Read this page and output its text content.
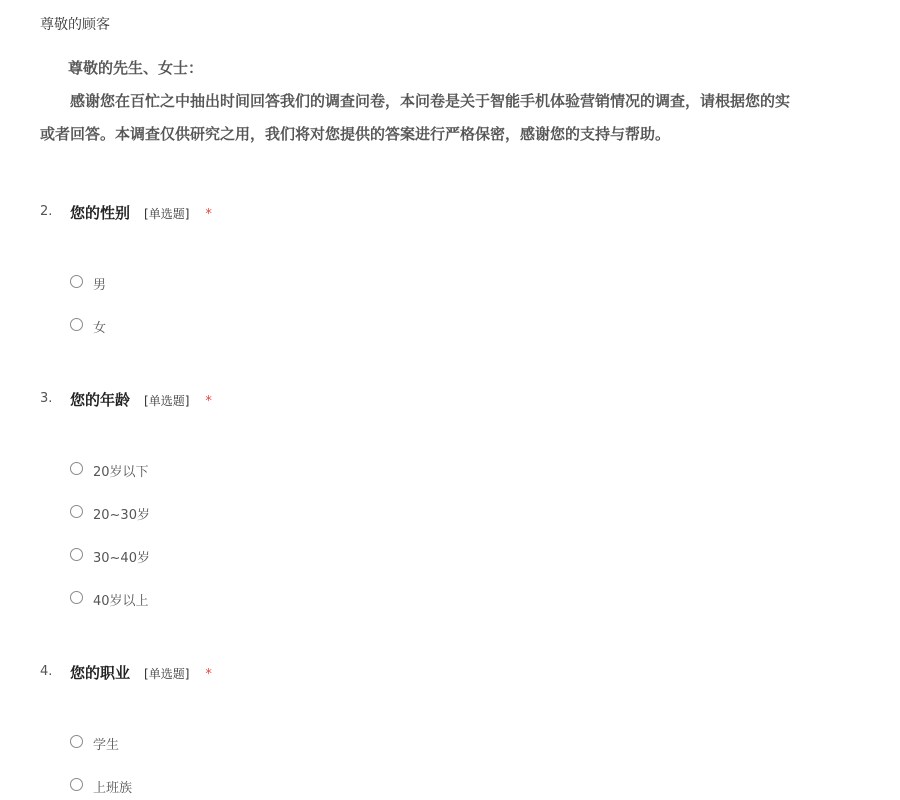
尊敬的顾客
尊敬的先生、女士：
感谢您在百忙之中抽出时间回答我们的调查问卷，本问卷是关于智能手机体验营销情况的调查，请根据您的实
或者回答。本调查仅供研究之用，我们将对您提供的答案进行严格保密，感谢您的支持与帮助。
2. 您的性别 [单选题] *
男
女
3. 您的年龄 [单选题] *
20岁以下
20~30岁
30~40岁
40岁以上
4. 您的职业 [单选题] *
学生
上班族
